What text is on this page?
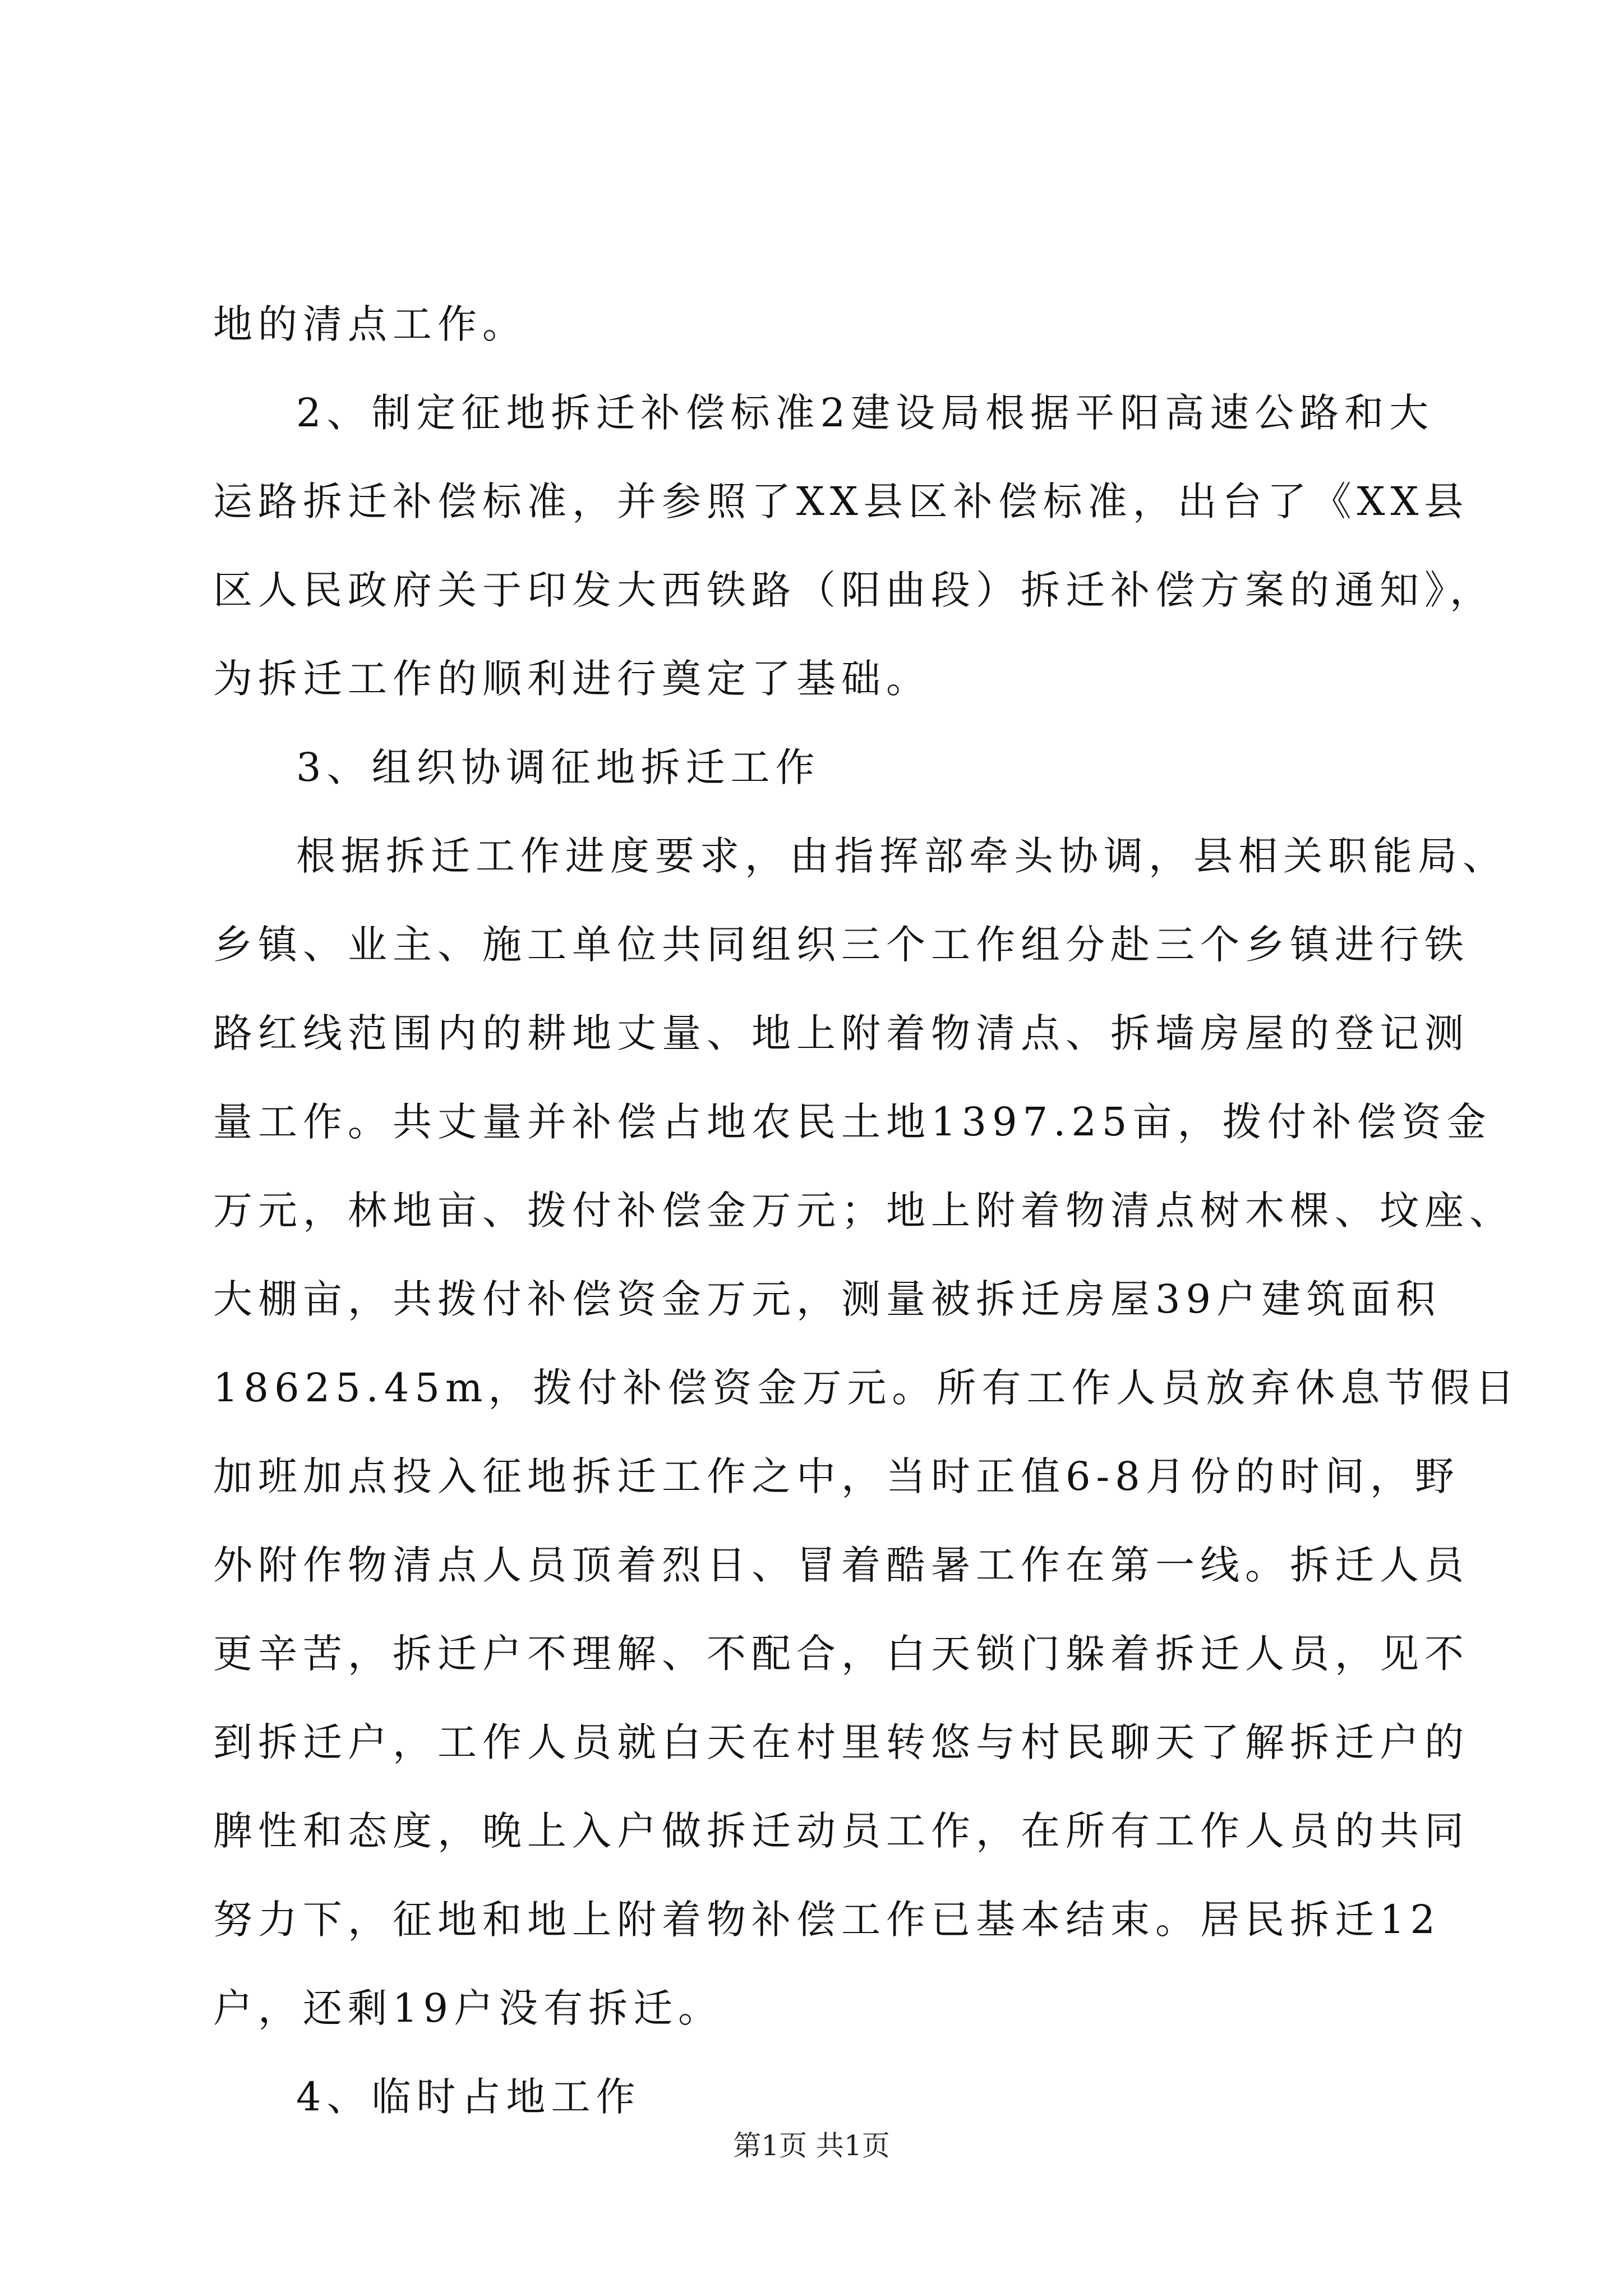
地的清点工作。
2、制定征地拆迁补偿标准2建设局根据平阳高速公路和大
运路拆迁补偿标准，并参照了XX县区补偿标准，出台了《XX县
区人民政府关于印发大西铁路（阳曲段）拆迁补偿方案的通知》，
为拆迁工作的顺利进行奠定了基础。
3、组织协调征地拆迁工作
根据拆迁工作进度要求，由指挥部牵头协调，县相关职能局、
乡镇、业主、施工单位共同组织三个工作组分赴三个乡镇进行铁
路红线范围内的耕地丈量、地上附着物清点、拆墙房屋的登记测
量工作。共丈量并补偿占地农民土地1397.25亩，拨付补偿资金
万元，林地亩、拨付补偿金万元；地上附着物清点树木棵、坟座、
大棚亩，共拨付补偿资金万元，测量被拆迁房屋39户建筑面积
18625.45m，拨付补偿资金万元。所有工作人员放弃休息节假日
加班加点投入征地拆迁工作之中，当时正值6-8月份的时间，野
外附作物清点人员顶着烈日、冒着酷暑工作在第一线。拆迁人员
更辛苦，拆迁户不理解、不配合，白天锁门躲着拆迁人员，见不
到拆迁户，工作人员就白天在村里转悠与村民聊天了解拆迁户的
脾性和态度，晚上入户做拆迁动员工作，在所有工作人员的共同
努力下，征地和地上附着物补偿工作已基本结束。居民拆迁12
户，还剩19户没有拆迁。
4、临时占地工作
第1页 共1页
